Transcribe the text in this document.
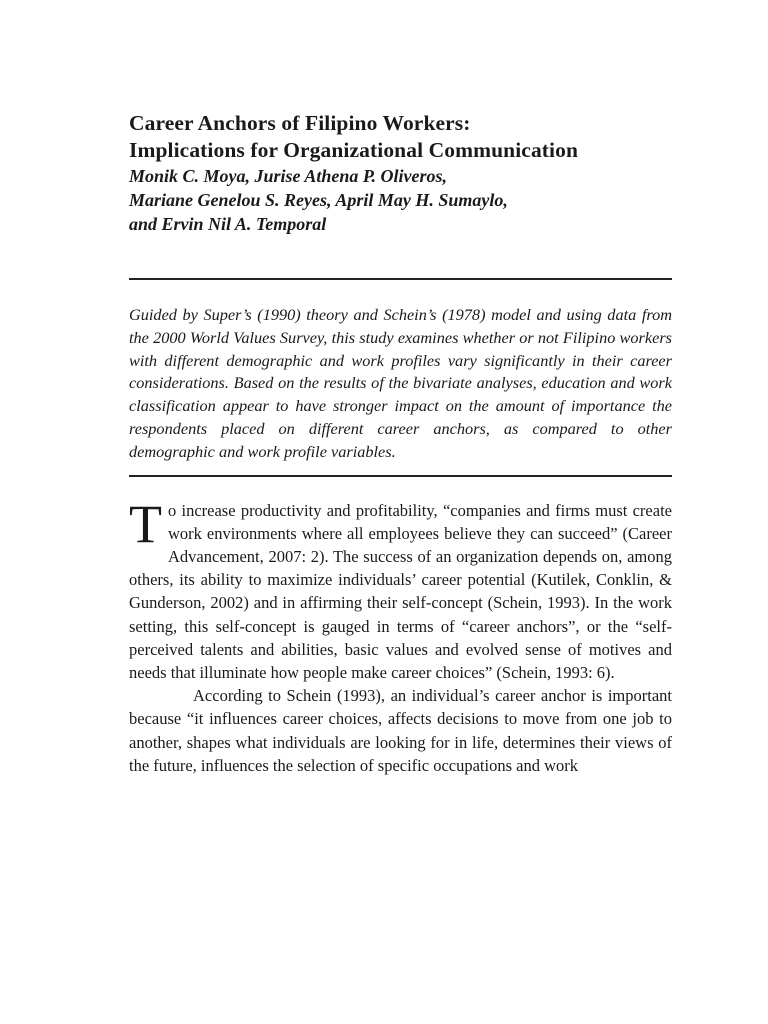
Career Anchors of Filipino Workers:
Implications for Organizational Communication
Monik C. Moya, Jurise Athena P. Oliveros,
Mariane Genelou S. Reyes, April May H. Sumaylo,
and Ervin Nil A. Temporal

Guided by Super’s (1990) theory and Schein’s (1978) model and using data from the 2000 World Values Survey, this study examines whether or not Filipino workers with different demographic and work profiles vary significantly in their career considerations. Based on the results of the bivariate analyses, education and work classification appear to have stronger impact on the amount of importance the respondents placed on different career anchors, as compared to other demographic and work profile variables.

To increase productivity and profitability, “companies and firms must create work environments where all employees believe they can succeed” (Career Advancement, 2007: 2). The success of an organization depends on, among others, its ability to maximize individuals’ career potential (Kutilek, Conklin, & Gunderson, 2002) and in affirming their self-concept (Schein, 1993). In the work setting, this self-concept is gauged in terms of “career anchors”, or the “self-perceived talents and abilities, basic values and evolved sense of motives and needs that illuminate how people make career choices” (Schein, 1993: 6).

According to Schein (1993), an individual’s career anchor is important because “it influences career choices, affects decisions to move from one job to another, shapes what individuals are looking for in life, determines their views of the future, influences the selection of specific occupations and work
